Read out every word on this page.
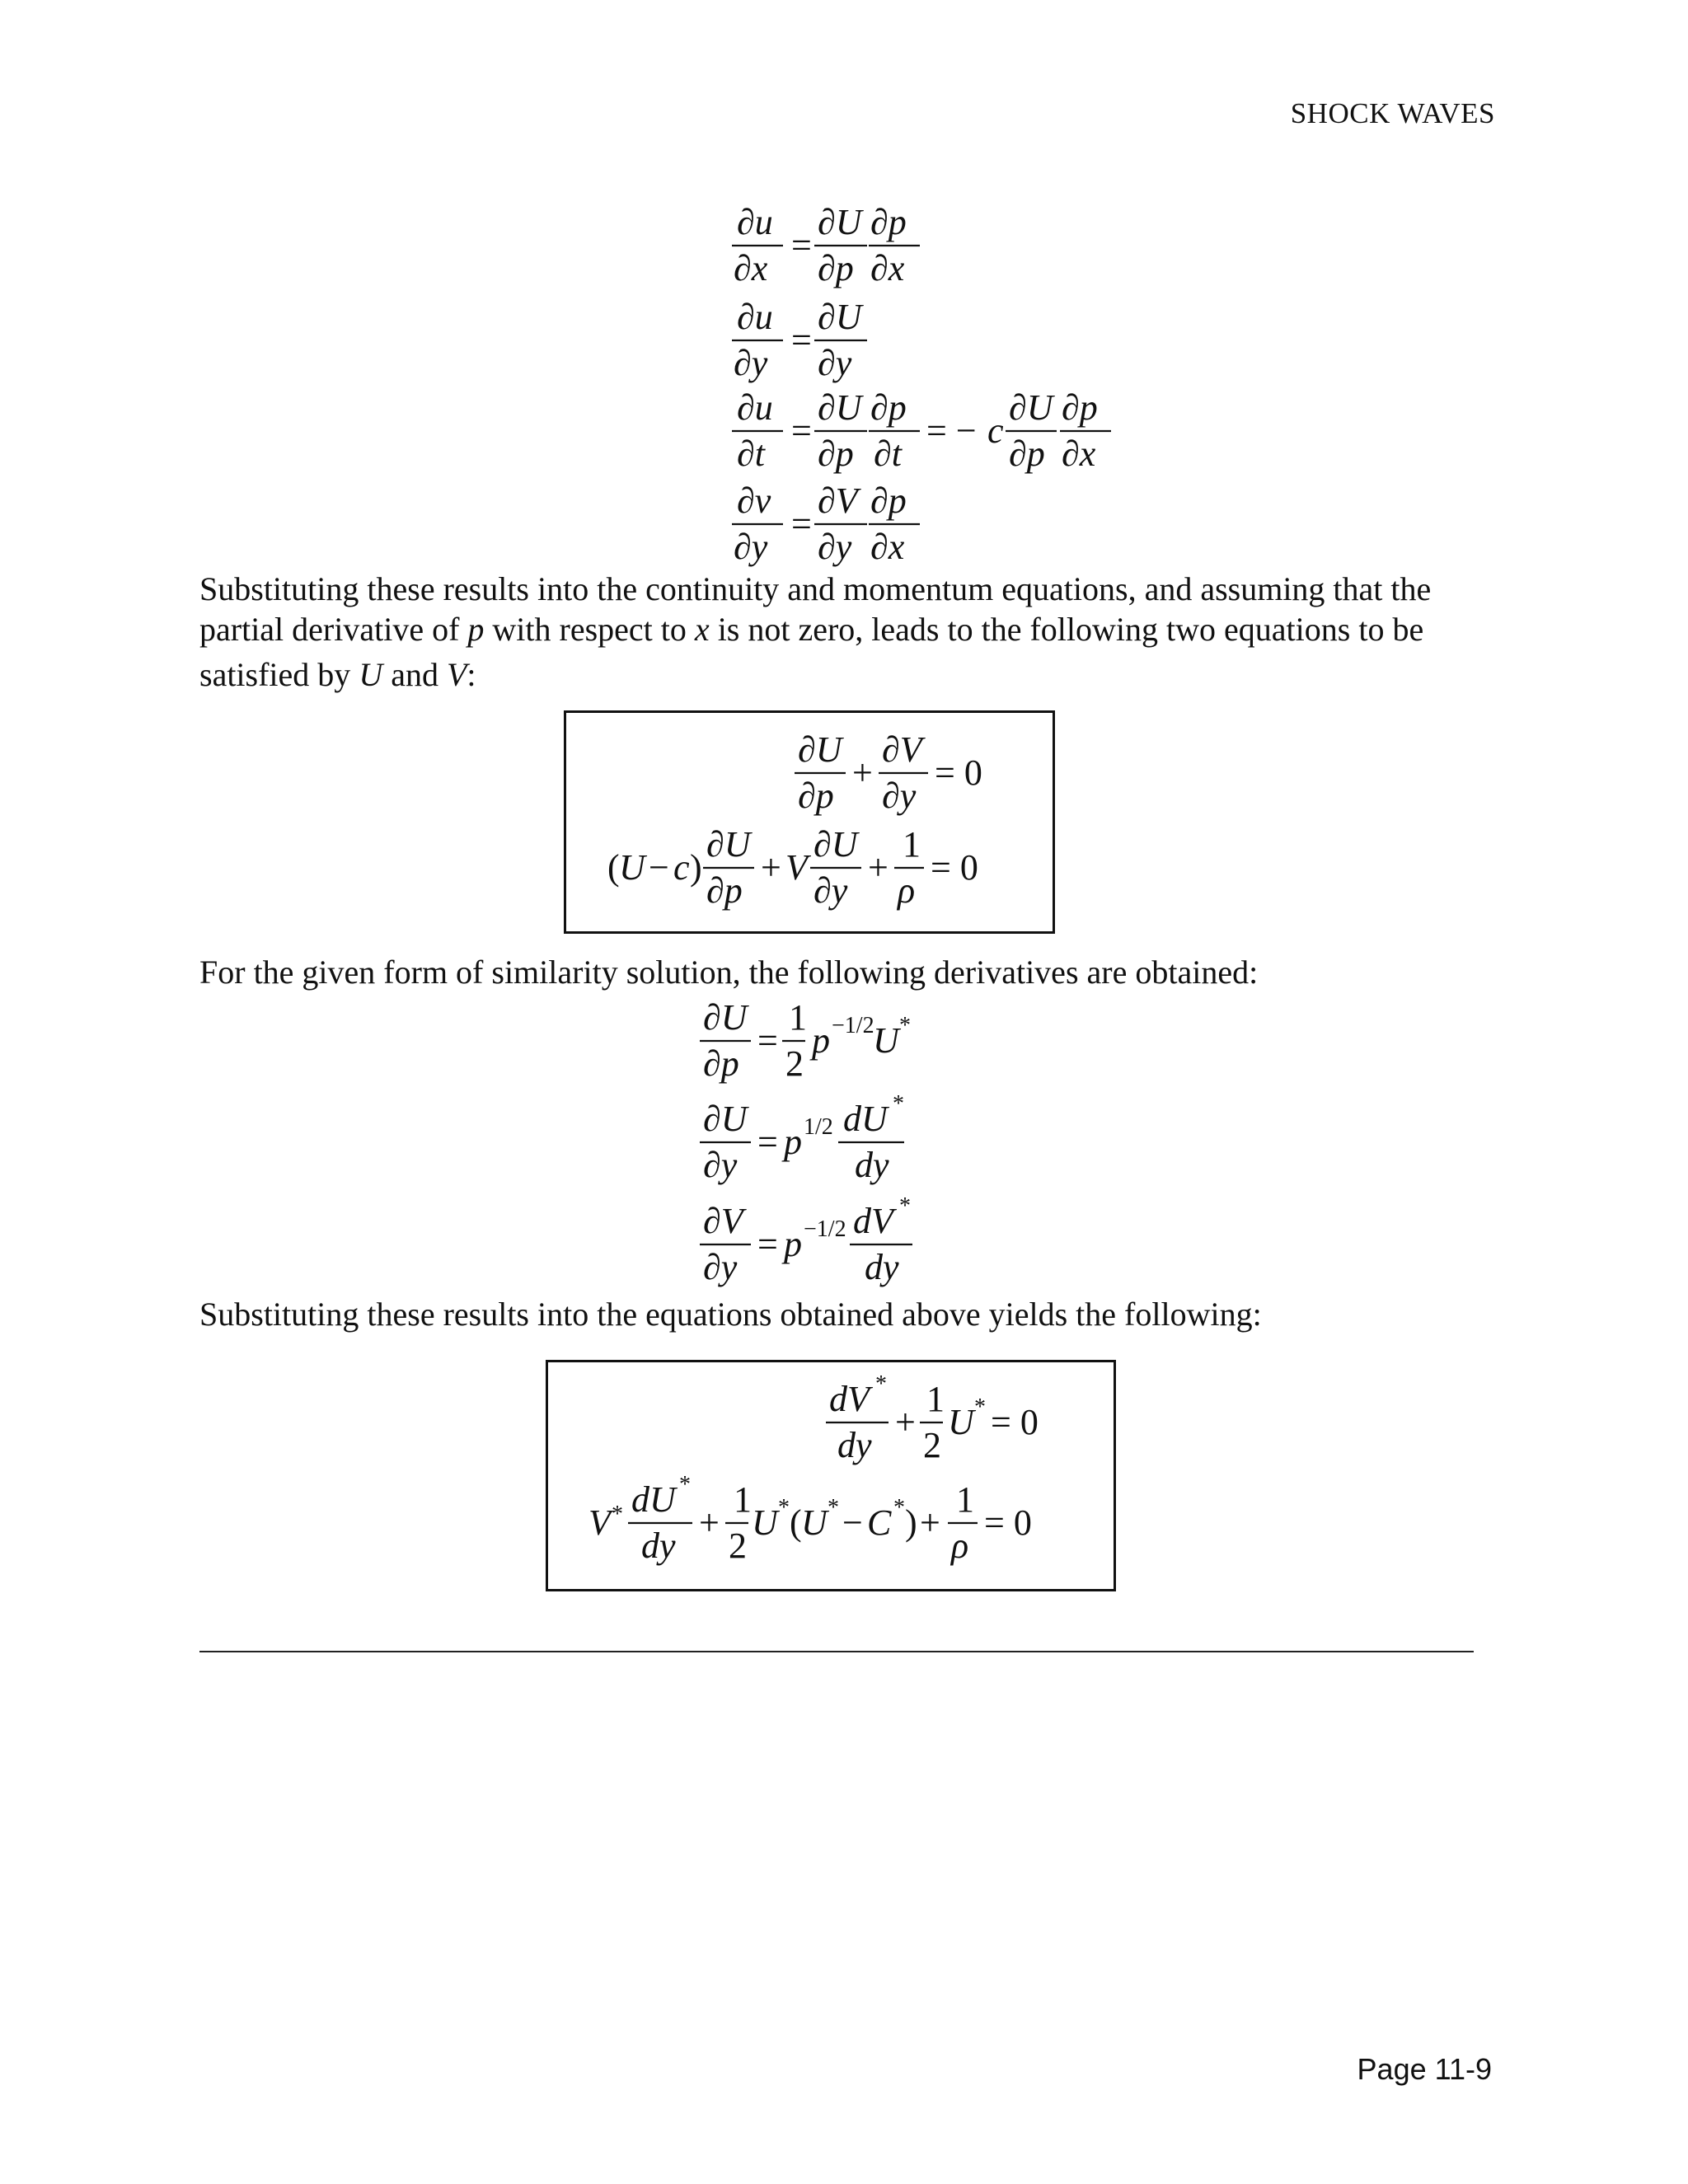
SHOCK WAVES
∂u
∂x
=
∂U
∂p
∂p
∂x
∂u
∂y
=
∂U
∂y
∂u
∂t
=
∂U
∂p
∂p
∂t
= − c
∂U
∂p
∂p
∂x
∂v
∂y
=
∂V
∂y
∂p
∂x
Substituting these results into the continuity and momentum equations, and assuming that the
partial derivative of p with respect to x is not zero, leads to the following two equations to be
satisfied by U and V:
∂U
∂p
+
∂V
∂y
= 0
( U − c )
∂U
∂p
+ V
∂U
∂y
+
1
ρ
= 0
For the given form of similarity solution, the following derivatives are obtained:
∂U
∂p
=
1
2
p −1/2
U *
∂U
∂y
= p 1/2 dU *
dy
∂V
∂y
= p −1/2 dV *
dy
Substituting these results into the equations obtained above yields the following:
dV *
dy
+
1
2
U * = 0
V * dU *
dy
+
1
2
U * ( U * − C * ) +
1
ρ
= 0
Page 11-9
